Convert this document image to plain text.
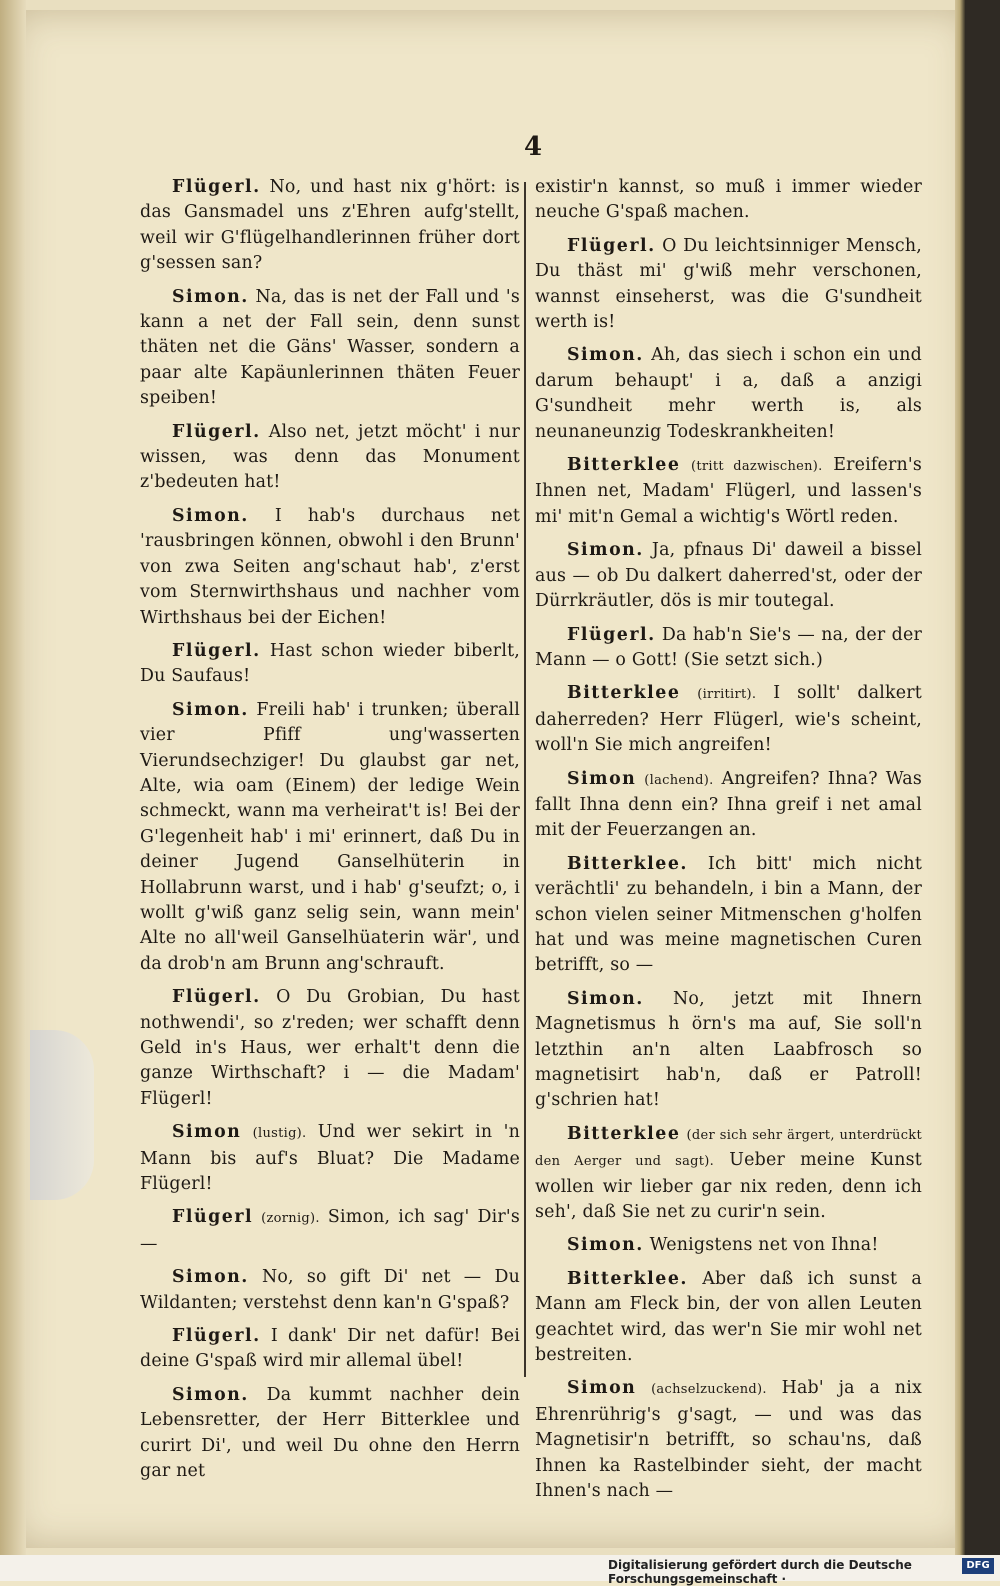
4

Flügerl. No, und hast nix g'hört: is das Gansmadel uns z'Ehren aufg'stellt, weil wir G'flügelhandlerinnen früher dort g'sessen san?

Simon. Na, das is net der Fall und 's kann a net der Fall sein, denn sunst thäten net die Gäns' Wasser, sondern a paar alte Kapäunlerinnen thäten Feuer speiben!

Flügerl. Also net, jetzt möcht' i nur wissen, was denn das Monument z'bedeuten hat!

Simon. I hab's durchaus net 'rausbringen können, obwohl i den Brunn' von zwa Seiten ang'schaut hab', z'erst vom Sternwirthshaus und nachher vom Wirthshaus bei der Eichen!

Flügerl. Hast schon wieder biberlt, Du Saufaus!

Simon. Freili hab' i trunken; überall vier Pfiff ung'wasserten Vierundsechziger! Du glaubst gar net, Alte, wia oam (Einem) der ledige Wein schmeckt, wann ma verheirat't is! Bei der G'legenheit hab' i mi' erinnert, daß Du in deiner Jugend Ganselhüterin in Hollabrunn warst, und i hab' g'seufzt; o, i wollt g'wiß ganz selig sein, wann mein' Alte no all'weil Ganselhüaterin wär', und da drob'n am Brunn ang'schrauft.

Flügerl. O Du Grobian, Du hast nothwendi', so z'reden; wer schafft denn Geld in's Haus, wer erhalt't denn die ganze Wirthschaft? i — die Madam' Flügerl!

Simon (lustig). Und wer sekirt in 'n Mann bis auf's Bluat? Die Madame Flügerl!

Flügerl (zornig). Simon, ich sag' Dir's —

Simon. No, so gift Di' net — Du Wildanten; verstehst denn kan'n G'spaß?

Flügerl. I dank' Dir net dafür! Bei deine G'spaß wird mir allemal übel!

Simon. Da kummt nachher dein Lebensretter, der Herr Bitterklee und curirt Di', und weil Du ohne den Herrn gar net

existir'n kannst, so muß i immer wieder neuche G'spaß machen.

Flügerl. O Du leichtsinniger Mensch, Du thäst mi' g'wiß mehr verschonen, wannst einseherst, was die G'sundheit werth is!

Simon. Ah, das siech i schon ein und darum behaupt' i a, daß a anzigi G'sundheit mehr werth is, als neunaneunzig Todeskrankheiten!

Bitterklee (tritt dazwischen). Ereifern's Ihnen net, Madam' Flügerl, und lassen's mi' mit'n Gemal a wichtig's Wörtl reden.

Simon. Ja, pfnaus Di' daweil a bissel aus — ob Du dalkert daherred'st, oder der Dürrkräutler, dös is mir toutegal.

Flügerl. Da hab'n Sie's — na, der der Mann — o Gott! (Sie setzt sich.)

Bitterklee (irritirt). I sollt' dalkert daherreden? Herr Flügerl, wie's scheint, woll'n Sie mich angreifen!

Simon (lachend). Angreifen? Ihna? Was fallt Ihna denn ein? Ihna greif i net amal mit der Feuerzangen an.

Bitterklee. Ich bitt' mich nicht verächtli' zu behandeln, i bin a Mann, der schon vielen seiner Mitmenschen g'holfen hat und was meine magnetischen Curen betrifft, so —

Simon. No, jetzt mit Ihnern Magnetismus h örn's ma auf, Sie soll'n letzthin an'n alten Laabfrosch so magnetisirt hab'n, daß er Patroll! g'schrien hat!

Bitterklee (der sich sehr ärgert, unterdrückt den Aerger und sagt). Ueber meine Kunst wollen wir lieber gar nix reden, denn ich seh', daß Sie net zu curir'n sein.

Simon. Wenigstens net von Ihna!

Bitterklee. Aber daß ich sunst a Mann am Fleck bin, der von allen Leuten geachtet wird, das wer'n Sie mir wohl net bestreiten.

Simon (achselzuckend). Hab' ja a nix Ehrenrührig's g'sagt, — und was das Magnetisir'n betrifft, so schau'ns, daß Ihnen ka Rastelbinder sieht, der macht Ihnen's nach —

Digitalisierung gefördert durch die Deutsche Forschungsgemeinschaft ·
DFG
